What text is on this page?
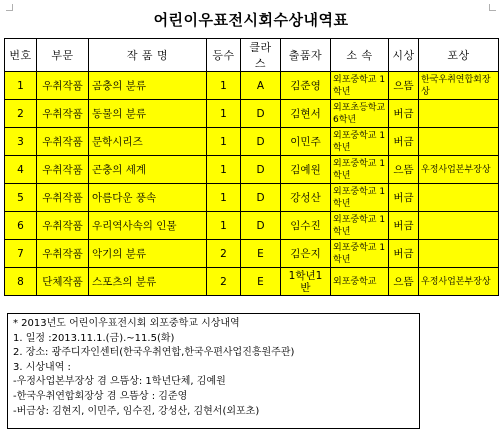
어린이우표전시회수상내역표
번호	부문	작 품 명	등수	클라스	출품자	소 속	시상	포상
1	우취작품	곰충의 분류	1	A	김준영	외포중학교 1학년	으뜸	한국우취연합회장상
2	우취작품	동물의 분류	1	D	김현서	외포초등학교 6학년	버금	
3	우취작품	문학시리즈	1	D	이민주	외포중학교 1학년	버금	
4	우취작품	곤충의 세계	1	D	김예원	외포중학교 1학년	으뜸	우정사업본부장상
5	우취작품	아름다운 풍속	1	D	강성산	외포중학교 1학년	버금	
6	우취작품	우리역사속의 인물	1	D	임수진	외포중학교 1학년	버금	
7	우취작품	악기의 분류	2	E	김은지	외포중학교 1학년	버금	
8	단체작품	스포츠의 분류	2	E	1학년1반	외포중학교	으뜸	우정사업본부장상
* 2013년도 어린이우표전시회 외포중학교 시상내역
1. 일정 :2013.11.1.(금).~11.5(화)
2. 장소: 광주디자인센터(한국우취연합,한국우편사업진흥원주관)
3. 시상내역 :
-우정사업본부장상 겸 으뜸상: 1학년단체, 김예원
-한국우취연합회장상 겸 으뜸상 : 김준영
-버금상: 김현지, 이민주, 임수진, 강성산, 김현서(외포초)
